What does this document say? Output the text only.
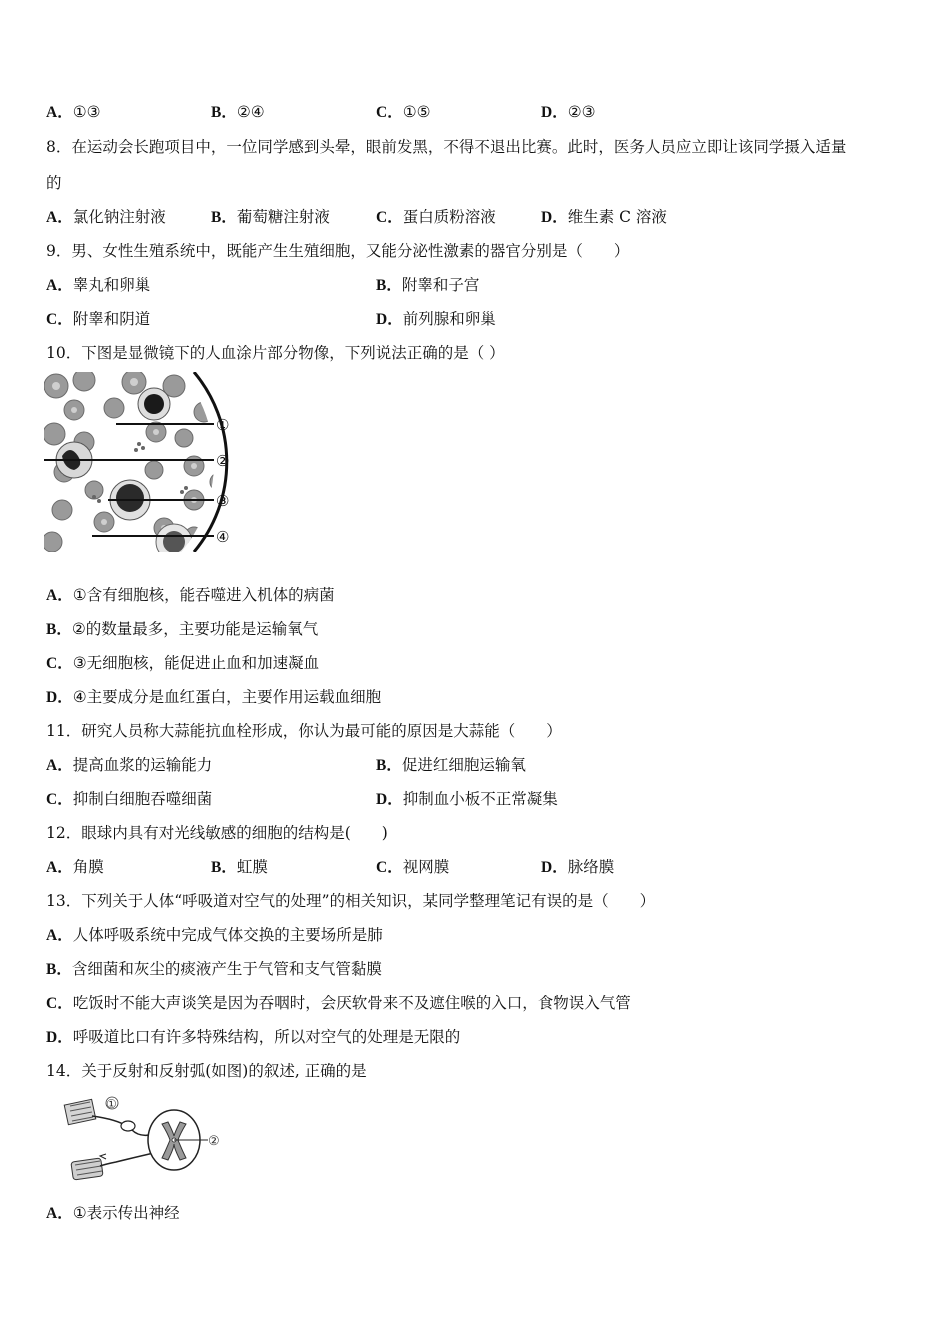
A．①③	B．②④	C．①⑤	D．②③
8．在运动会长跑项目中，一位同学感到头晕，眼前发黑，不得不退出比赛。此时，医务人员应立即让该同学摄入适量
的
A．氯化钠注射液	B．葡萄糖注射液	C．蛋白质粉溶液	D．维生素 C 溶液
9．男、女性生殖系统中，既能产生生殖细胞，又能分泌性激素的器官分别是（　　）
A．睾丸和卵巢	B．附睾和子宫
C．附睾和阴道	D．前列腺和卵巢
10．下图是显微镜下的人血涂片部分物像，下列说法正确的是（ ）
①
②
③
④
A．①含有细胞核，能吞噬进入机体的病菌
B．②的数量最多，主要功能是运输氧气
C．③无细胞核，能促进止血和加速凝血
D．④主要成分是血红蛋白，主要作用运载血细胞
11．研究人员称大蒜能抗血栓形成，你认为最可能的原因是大蒜能（　　）
A．提高血浆的运输能力	B．促进红细胞运输氧
C．抑制白细胞吞噬细菌	D．抑制血小板不正常凝集
12．眼球内具有对光线敏感的细胞的结构是(　　)
A．角膜	B．虹膜	C．视网膜	D．脉络膜
13．下列关于人体“呼吸道对空气的处理”的相关知识，某同学整理笔记有误的是（　　）
A．人体呼吸系统中完成气体交换的主要场所是肺
B．含细菌和灰尘的痰液产生于气管和支气管黏膜
C．吃饭时不能大声谈笑是因为吞咽时，会厌软骨来不及遮住喉的入口，食物误入气管
D．呼吸道比口有许多特殊结构，所以对空气的处理是无限的
14．关于反射和反射弧(如图)的叙述, 正确的是
①
②
A．①表示传出神经
